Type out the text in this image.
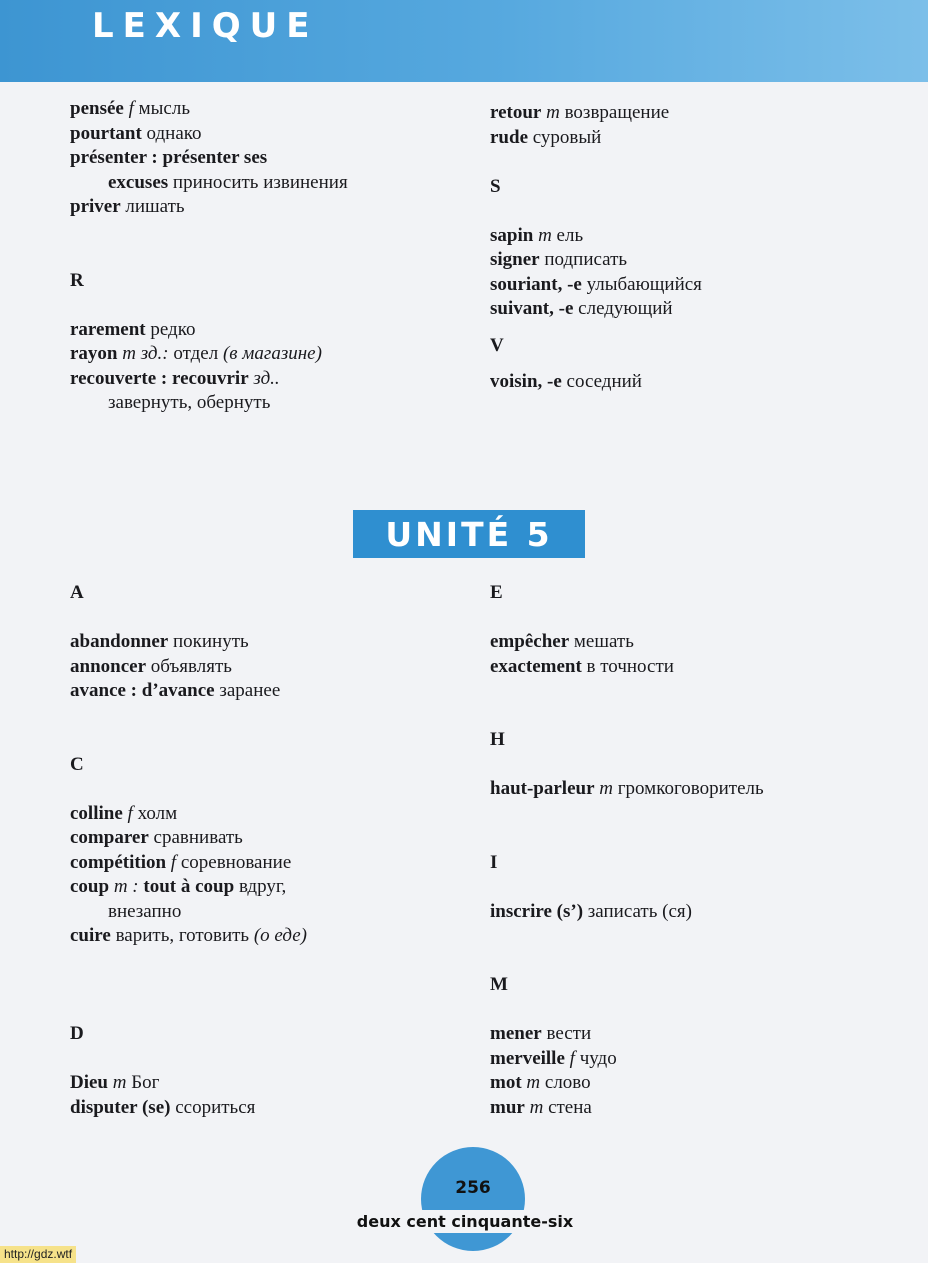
LEXIQUE
pensée f мысль
pourtant однако
présenter : présenter ses
excuses приносить извинения
priver лишать
R
rarement редко
rayon m зд.: отдел (в магазине)
recouverte : recouvrir зд..
завернуть, обернуть
retour m возвращение
rude суровый
S
sapin m ель
signer подписать
souriant, -e улыбающийся
suivant, -e следующий
V
voisin, -e соседний
UNITÉ 5
A
abandonner покинуть
annoncer объявлять
avance : d’avance заранее
C
colline f холм
comparer сравнивать
compétition f соревнование
coup m : tout à coup вдруг,
внезапно
cuire варить, готовить (о еде)
D
Dieu m Бог
disputer (se) ссориться
E
empêcher мешать
exactement в точности
H
haut-parleur m громкоговоритель
I
inscrire (s’) записать (ся)
M
mener вести
merveille f чудо
mot m слово
mur m стена
256
deux cent cinquante-six
http://gdz.wtf
